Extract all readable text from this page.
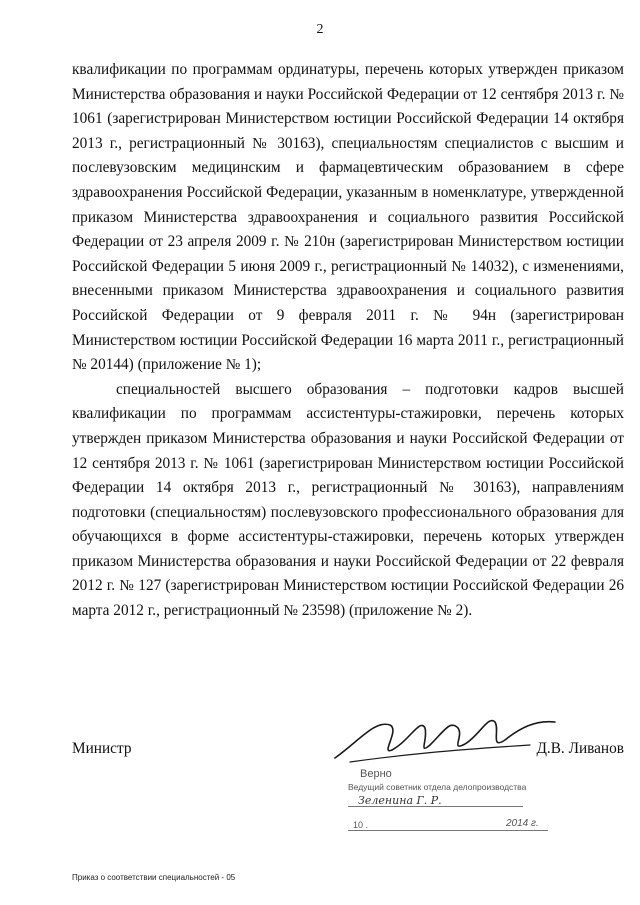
2

квалификации по программам ординатуры, перечень которых утвержден приказом Министерства образования и науки Российской Федерации от 12 сентября 2013 г. № 1061 (зарегистрирован Министерством юстиции Российской Федерации 14 октября 2013 г., регистрационный № 30163), специальностям специалистов с высшим и послевузовским медицинским и фармацевтическим образованием в сфере здравоохранения Российской Федерации, указанным в номенклатуре, утвержденной приказом Министерства здравоохранения и социального развития Российской Федерации от 23 апреля 2009 г. № 210н (зарегистрирован Министерством юстиции Российской Федерации 5 июня 2009 г., регистрационный № 14032), с изменениями, внесенными приказом Министерства здравоохранения и социального развития Российской Федерации от 9 февраля 2011 г. № 94н (зарегистрирован Министерством юстиции Российской Федерации 16 марта 2011 г., регистрационный № 20144) (приложение № 1);

специальностей высшего образования – подготовки кадров высшей квалификации по программам ассистентуры-стажировки, перечень которых утвержден приказом Министерства образования и науки Российской Федерации от 12 сентября 2013 г. № 1061 (зарегистрирован Министерством юстиции Российской Федерации 14 октября 2013 г., регистрационный № 30163), направлениям подготовки (специальностям) послевузовского профессионального образования для обучающихся в форме ассистентуры-стажировки, перечень которых утвержден приказом Министерства образования и науки Российской Федерации от 22 февраля 2012 г. № 127 (зарегистрирован Министерством юстиции Российской Федерации 26 марта 2012 г., регистрационный № 23598) (приложение № 2).

Министр	Д.В. Ливанов
Верно
Ведущий советник отдела делопроизводства
Зеленина Г. Р.
10 .	2014 г.
Приказ о соответствии специальностей - 05
